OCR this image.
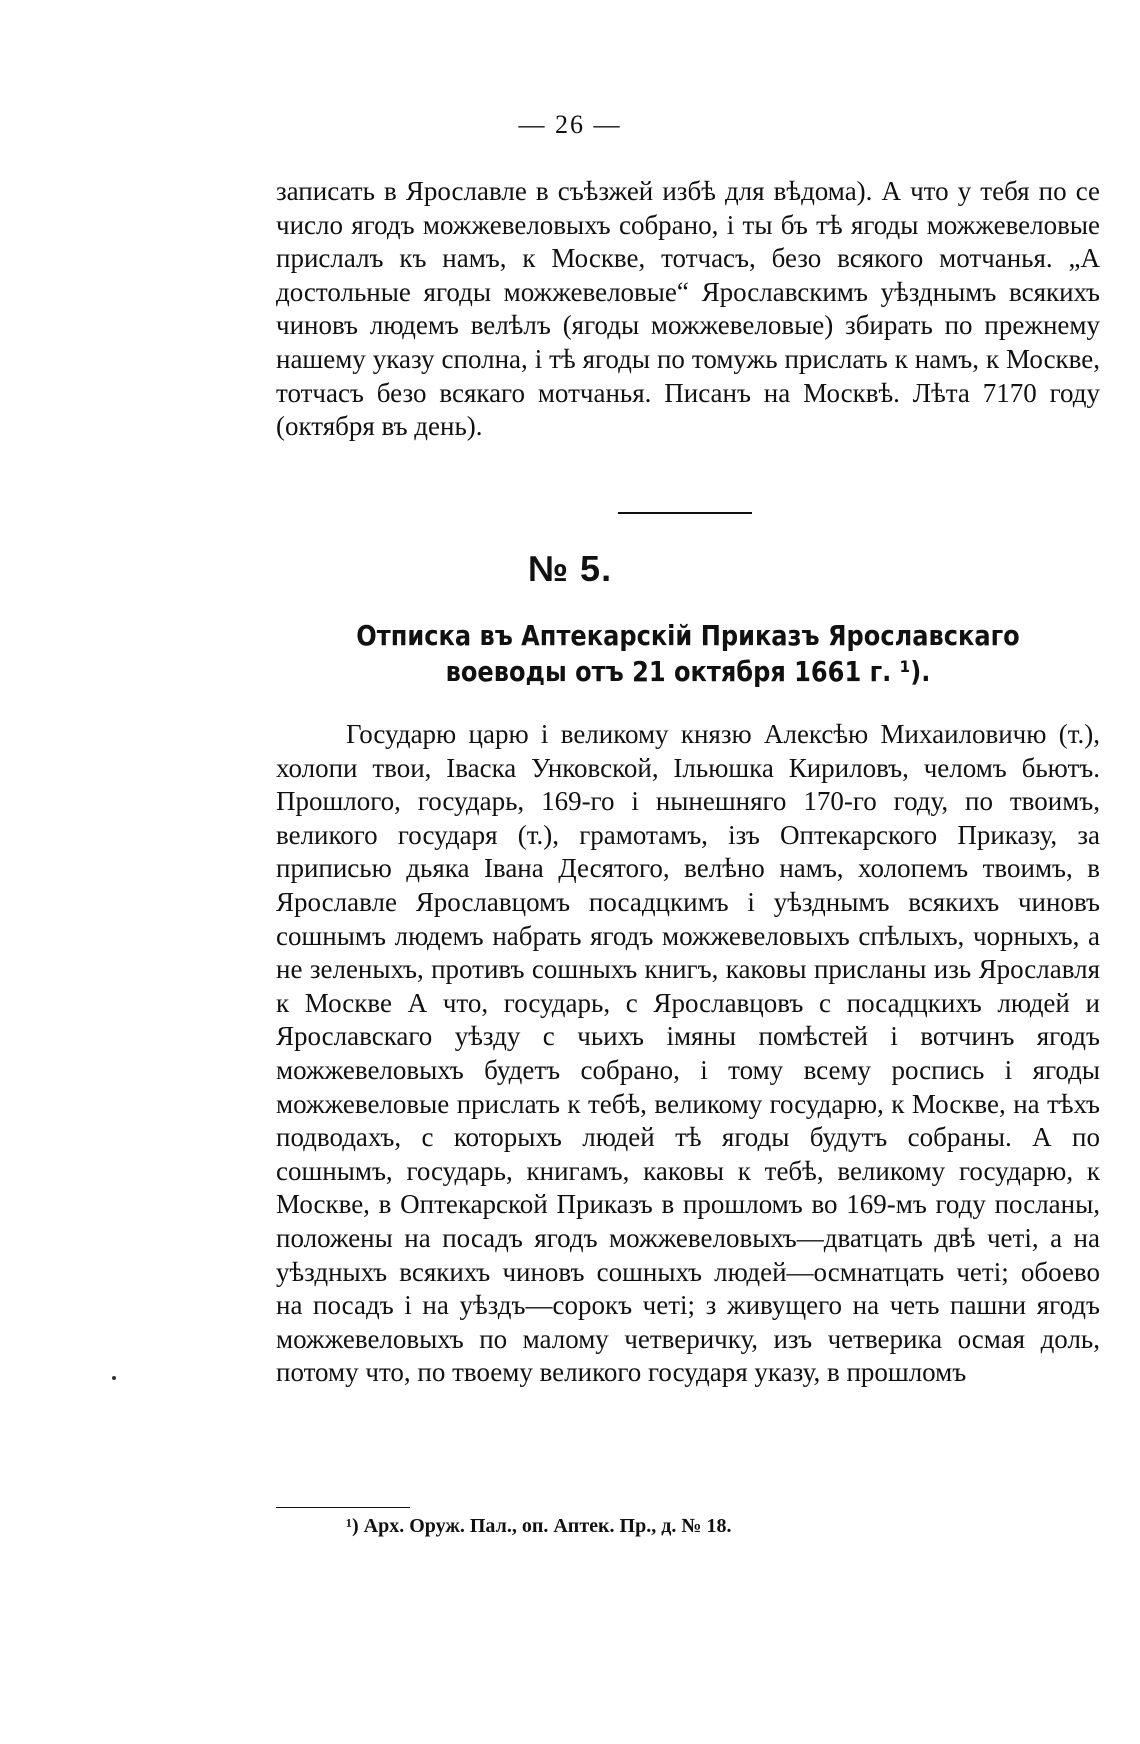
— 26 —

записать в Ярославле в съѣзжей избѣ для вѣдома). А что у тебя по се число ягодъ можжевеловыхъ собрано, і ты бъ тѣ ягоды можжевеловые прислалъ къ намъ, к Москве, тотчасъ, безо всякого мотчанья. „А достольные ягоды можжевеловые“ Ярославскимъ уѣзднымъ всякихъ чиновъ людемъ велѣлъ (ягоды можжевеловые) збирать по прежнему нашему указу сполна, і тѣ ягоды по томужь прислать к намъ, к Москве, тотчасъ безо всякаго мотчанья. Писанъ на Москвѣ. Лѣта 7170 году (октября въ день).

№ 5.
Отписка въ Аптекарскій Приказъ Ярославскаго воеводы отъ 21 октября 1661 г. ¹).

Государю царю і великому князю Алексѣю Михаиловичю (т.), холопи твои, Іваска Унковской, Ільюшка Кириловъ, челомъ бьютъ. Прошлого, государь, 169-го і нынешняго 170-го году, по твоимъ, великого государя (т.), грамотамъ, ізъ Оптекарского Приказу, за приписью дьяка Івана Десятого, велѣно намъ, холопемъ твоимъ, в Ярославле Ярославцомъ посадцкимъ і уѣзднымъ всякихъ чиновъ сошнымъ людемъ набрать ягодъ можжевеловыхъ спѣлыхъ, чорныхъ, а не зеленыхъ, противъ сошныхъ книгъ, каковы присланы изь Ярославля к Москве А что, государь, с Ярославцовъ с посадцкихъ людей и Ярославскаго уѣзду с чьихъ імяны помѣстей і вотчинъ ягодъ можжевеловыхъ будетъ собрано, і тому всему роспись і ягоды можжевеловые прислать к тебѣ, великому государю, к Москве, на тѣхъ подводахъ, с которыхъ людей тѣ ягоды будутъ собраны. А по сошнымъ, государь, книгамъ, каковы к тебѣ, великому государю, к Москве, в Оптекарской Приказъ в прошломъ во 169-мъ году посланы, положены на посадъ ягодъ можжевеловыхъ—дватцать двѣ четі, а на уѣздныхъ всякихъ чиновъ сошныхъ людей—осмнатцать четі; обоево на посадъ і на уѣздъ—сорокъ четі; з живущего на четь пашни ягодъ можжевеловыхъ по малому четверичку, изъ четверика осмая доль, потому что, по твоему великого государя указу, в прошломъ

¹) Арх. Оруж. Пал., оп. Аптек. Пр., д. № 18.
